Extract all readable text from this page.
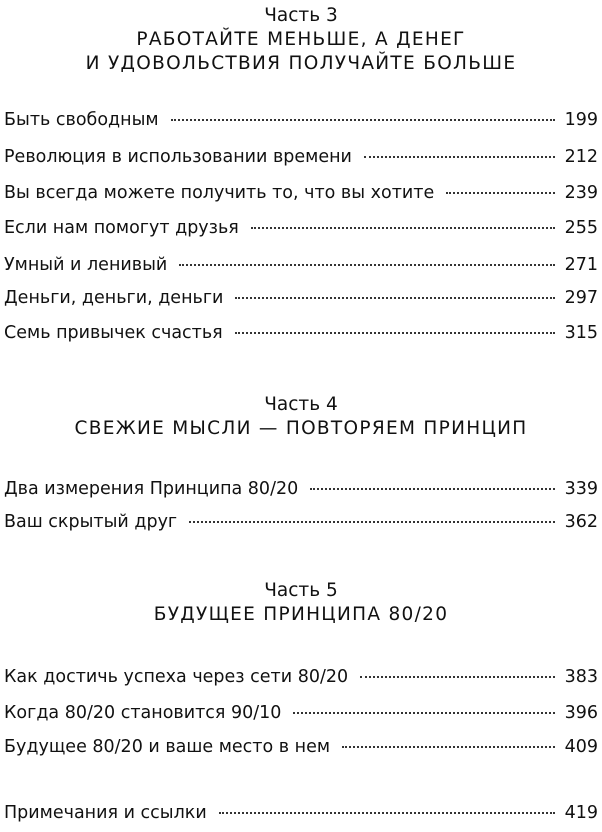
Часть 3
РАБОТАЙТЕ МЕНЬШЕ, А ДЕНЕГ
И УДОВОЛЬСТВИЯ ПОЛУЧАЙТЕ БОЛЬШЕ
Быть свободным	199
Революция в использовании времени	212
Вы всегда можете получить то, что вы хотите	239
Если нам помогут друзья	255
Умный и ленивый	271
Деньги, деньги, деньги	297
Семь привычек счастья	315
Часть 4
СВЕЖИЕ МЫСЛИ — ПОВТОРЯЕМ ПРИНЦИП
Два измерения Принципа 80/20	339
Ваш скрытый друг	362
Часть 5
БУДУЩЕЕ ПРИНЦИПА 80/20
Как достичь успеха через сети 80/20	383
Когда 80/20 становится 90/10	396
Будущее 80/20 и ваше место в нем	409
Примечания и ссылки	419
